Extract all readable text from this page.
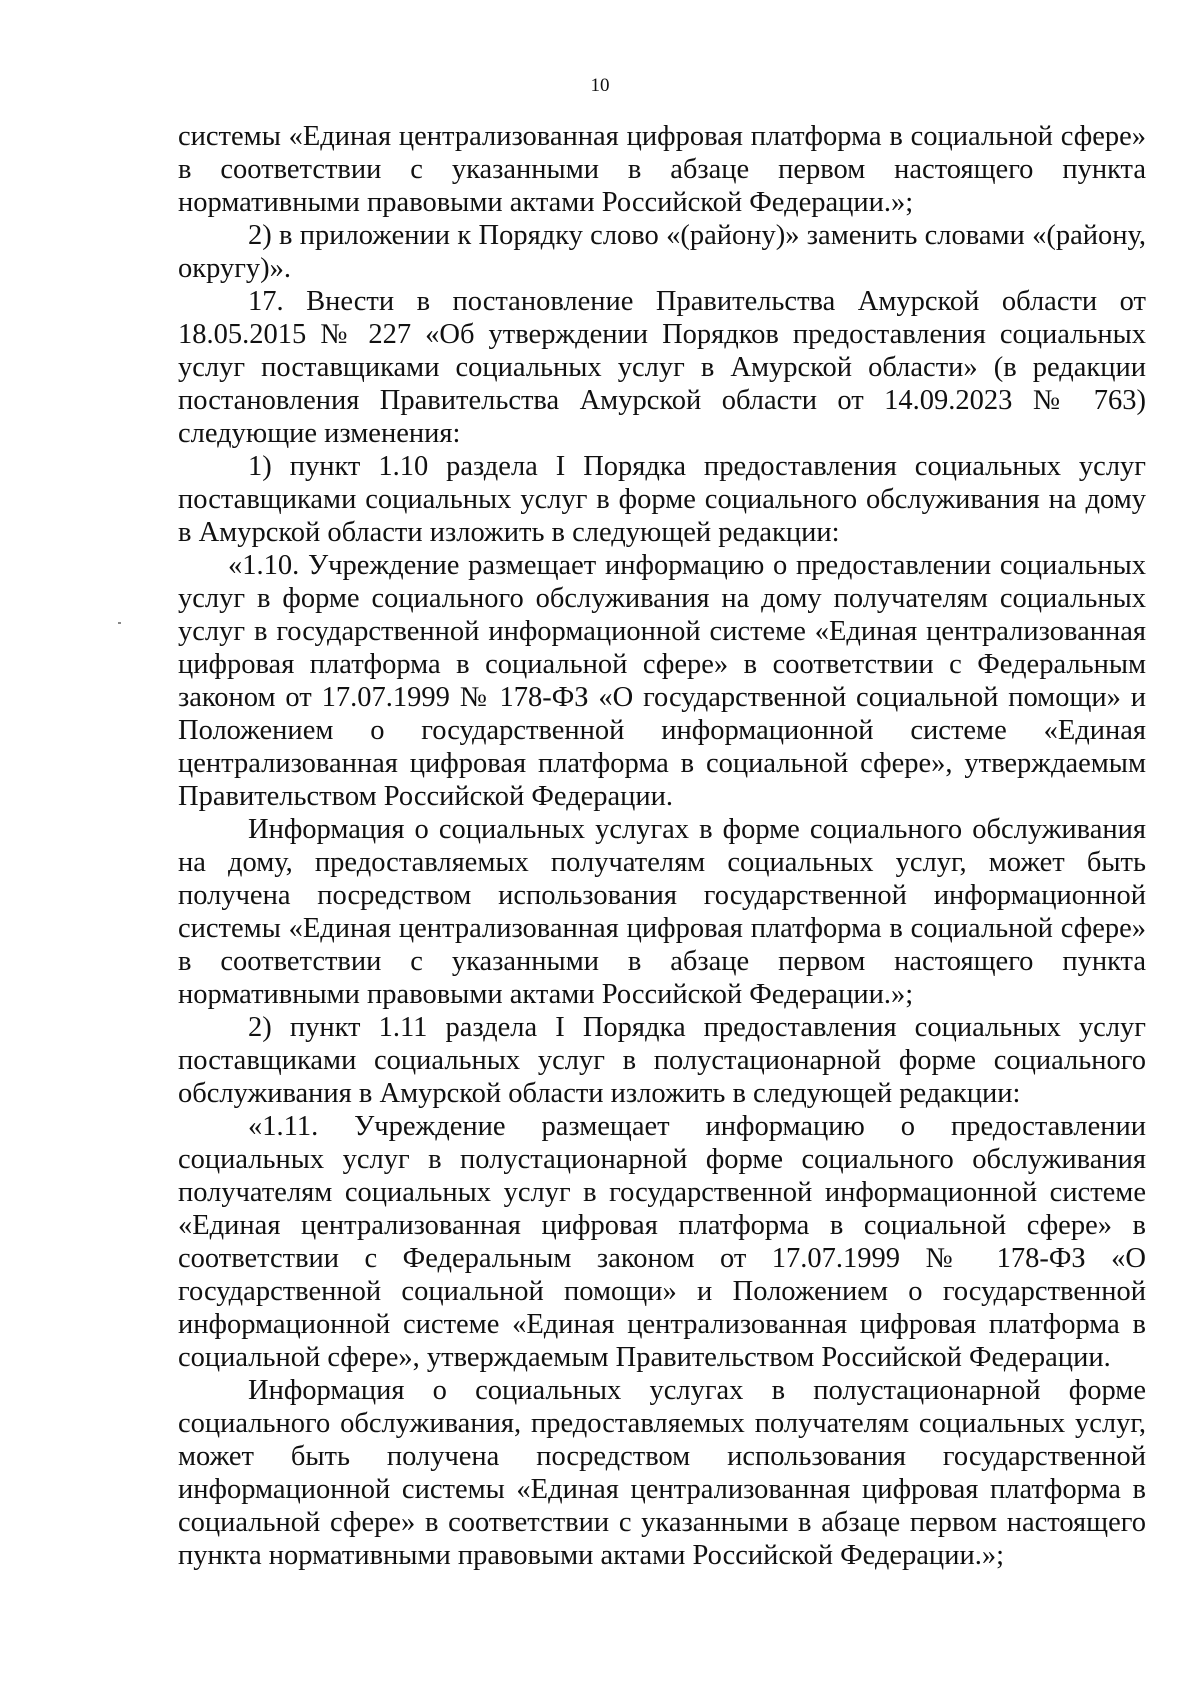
10

системы «Единая централизованная цифровая платформа в социальной сфере» в соответствии с указанными в абзаце первом настоящего пункта нормативными правовыми актами Российской Федерации.»;

2) в приложении к Порядку слово «(району)» заменить словами «(району, округу)».

17. Внести в постановление Правительства Амурской области от 18.05.2015 № 227 «Об утверждении Порядков предоставления социальных услуг поставщиками социальных услуг в Амурской области» (в редакции постановления Правительства Амурской области от 14.09.2023 № 763) следующие изменения:

1) пункт 1.10 раздела I Порядка предоставления социальных услуг поставщиками социальных услуг в форме социального обслуживания на дому в Амурской области изложить в следующей редакции:

«1.10. Учреждение размещает информацию о предоставлении социальных услуг в форме социального обслуживания на дому получателям социальных услуг в государственной информационной системе «Единая централизованная цифровая платформа в социальной сфере» в соответствии с Федеральным законом от 17.07.1999 № 178-ФЗ «О государственной социальной помощи» и Положением о государственной информационной системе «Единая централизованная цифровая платформа в социальной сфере», утверждаемым Правительством Российской Федерации.

Информация о социальных услугах в форме социального обслуживания на дому, предоставляемых получателям социальных услуг, может быть получена посредством использования государственной информационной системы «Единая централизованная цифровая платформа в социальной сфере» в соответствии с указанными в абзаце первом настоящего пункта нормативными правовыми актами Российской Федерации.»;

2) пункт 1.11 раздела I Порядка предоставления социальных услуг поставщиками социальных услуг в полустационарной форме социального обслуживания в Амурской области изложить в следующей редакции:

«1.11. Учреждение размещает информацию о предоставлении социальных услуг в полустационарной форме социального обслуживания получателям социальных услуг в государственной информационной системе «Единая централизованная цифровая платформа в социальной сфере» в соответствии с Федеральным законом от 17.07.1999 № 178-ФЗ «О государственной социальной помощи» и Положением о государственной информационной системе «Единая централизованная цифровая платформа в социальной сфере», утверждаемым Правительством Российской Федерации.

Информация о социальных услугах в полустационарной форме социального обслуживания, предоставляемых получателям социальных услуг, может быть получена посредством использования государственной информационной системы «Единая централизованная цифровая платформа в социальной сфере» в соответствии с указанными в абзаце первом настоящего пункта нормативными правовыми актами Российской Федерации.»;
